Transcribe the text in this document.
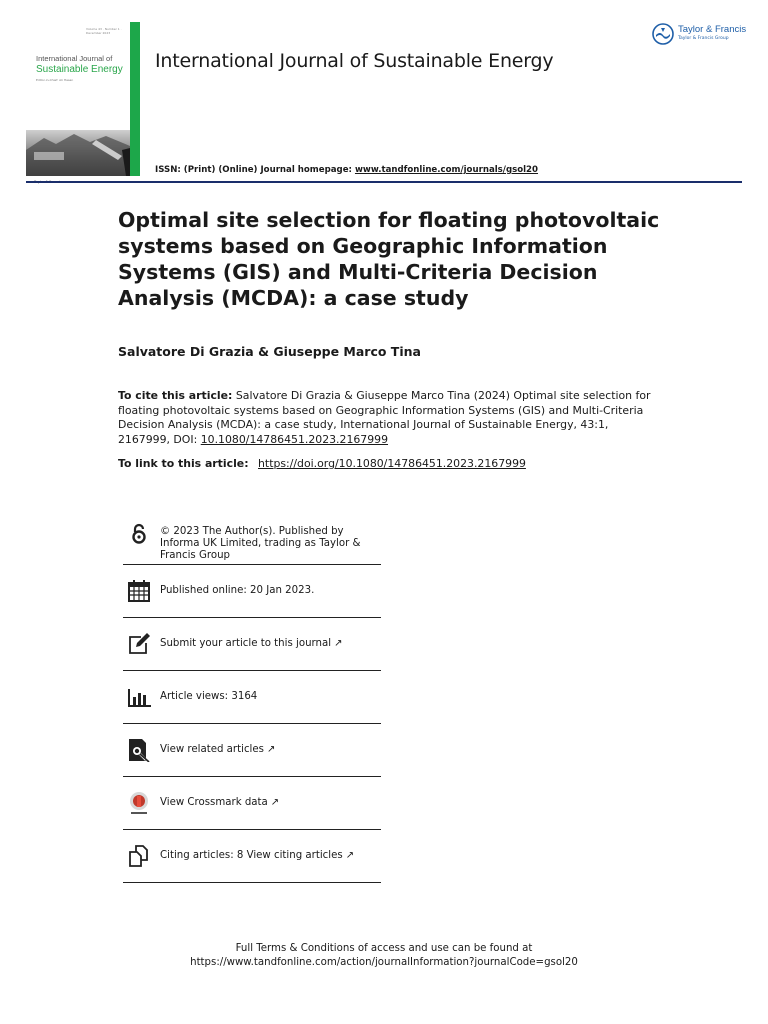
Volume 43 · Number 1 · December 2023
International Journal of
Sustainable Energy
Editor-in-Chief: Ali Hasan
International Journal of Sustainable Energy
ISSN: (Print) (Online) Journal homepage: www.tandfonline.com/journals/gsol20
Taylor & Francis
Taylor & Francis Group
Optimal site selection for floating photovoltaic systems based on Geographic Information Systems (GIS) and Multi-Criteria Decision Analysis (MCDA): a case study
Salvatore Di Grazia & Giuseppe Marco Tina
To cite this article: Salvatore Di Grazia & Giuseppe Marco Tina (2024) Optimal site selection for floating photovoltaic systems based on Geographic Information Systems (GIS) and Multi-Criteria Decision Analysis (MCDA): a case study, International Journal of Sustainable Energy, 43:1, 2167999, DOI: 10.1080/14786451.2023.2167999
To link to this article: https://doi.org/10.1080/14786451.2023.2167999
© 2023 The Author(s). Published by Informa UK Limited, trading as Taylor & Francis Group
Published online: 20 Jan 2023.
Submit your article to this journal ↗︎
Article views: 3164
View related articles ↗︎
View Crossmark data ↗︎
Citing articles: 8 View citing articles ↗︎
Full Terms & Conditions of access and use can be found at
https://www.tandfonline.com/action/journalInformation?journalCode=gsol20
